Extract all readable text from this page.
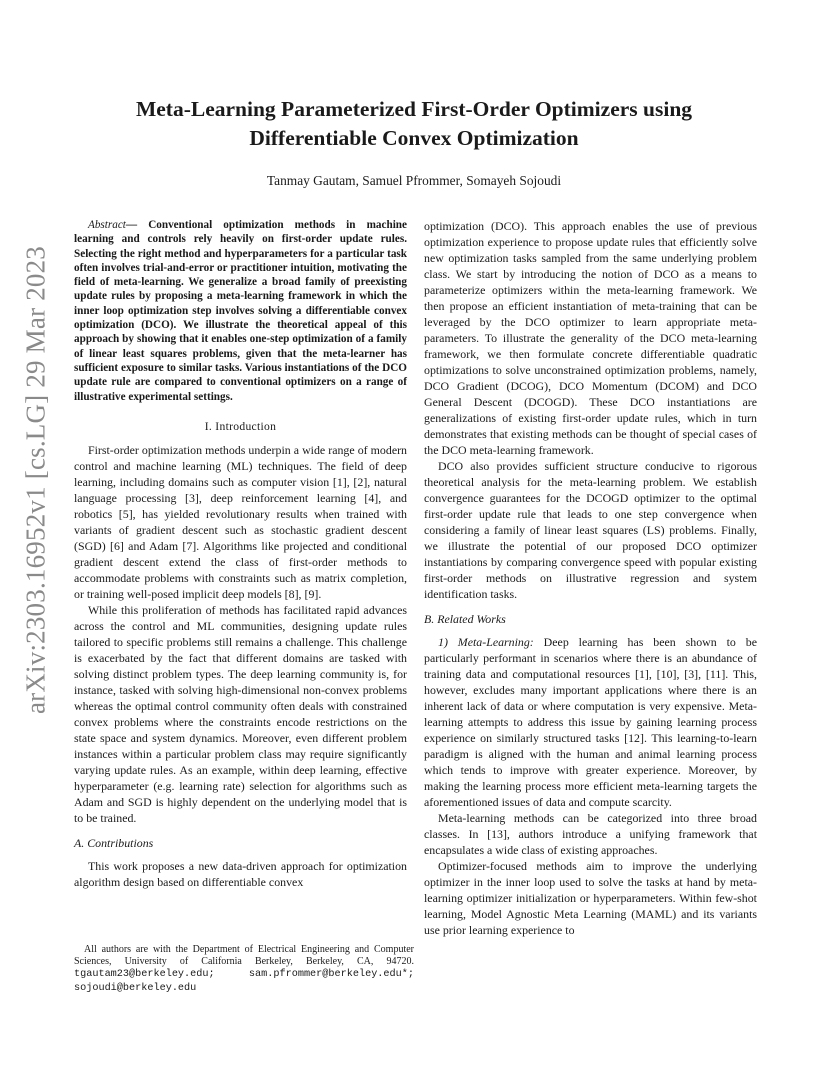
arXiv:2303.16952v1 [cs.LG] 29 Mar 2023
Meta-Learning Parameterized First-Order Optimizers using
Differentiable Convex Optimization
Tanmay Gautam, Samuel Pfrommer, Somayeh Sojoudi

Abstract— Conventional optimization methods in machine learning and controls rely heavily on first-order update rules. Selecting the right method and hyperparameters for a particular task often involves trial-and-error or practitioner intuition, motivating the field of meta-learning. We generalize a broad family of preexisting update rules by proposing a meta-learning framework in which the inner loop optimization step involves solving a differentiable convex optimization (DCO). We illustrate the theoretical appeal of this approach by showing that it enables one-step optimization of a family of linear least squares problems, given that the meta-learner has sufficient exposure to similar tasks. Various instantiations of the DCO update rule are compared to conventional optimizers on a range of illustrative experimental settings.

I. Introduction

First-order optimization methods underpin a wide range of modern control and machine learning (ML) techniques. The field of deep learning, including domains such as computer vision [1], [2], natural language processing [3], deep reinforcement learning [4], and robotics [5], has yielded revolutionary results when trained with variants of gradient descent such as stochastic gradient descent (SGD) [6] and Adam [7]. Algorithms like projected and conditional gradient descent extend the class of first-order methods to accommodate problems with constraints such as matrix completion, or training well-posed implicit deep models [8], [9].

While this proliferation of methods has facilitated rapid advances across the control and ML communities, designing update rules tailored to specific problems still remains a challenge. This challenge is exacerbated by the fact that different domains are tasked with solving distinct problem types. The deep learning community is, for instance, tasked with solving high-dimensional non-convex problems whereas the optimal control community often deals with constrained convex problems where the constraints encode restrictions on the state space and system dynamics. Moreover, even different problem instances within a particular problem class may require significantly varying update rules. As an example, within deep learning, effective hyperparameter (e.g. learning rate) selection for algorithms such as Adam and SGD is highly dependent on the underlying model that is to be trained.

A. Contributions

This work proposes a new data-driven approach for optimization algorithm design based on differentiable convex

All authors are with the Department of Electrical Engineering and Computer Sciences, University of California Berkeley, Berkeley, CA, 94720. tgautam23@berkeley.edu; sam.pfrommer@berkeley.edu*; sojoudi@berkeley.edu

optimization (DCO). This approach enables the use of previous optimization experience to propose update rules that efficiently solve new optimization tasks sampled from the same underlying problem class. We start by introducing the notion of DCO as a means to parameterize optimizers within the meta-learning framework. We then propose an efficient instantiation of meta-training that can be leveraged by the DCO optimizer to learn appropriate meta-parameters. To illustrate the generality of the DCO meta-learning framework, we then formulate concrete differentiable quadratic optimizations to solve unconstrained optimization problems, namely, DCO Gradient (DCOG), DCO Momentum (DCOM) and DCO General Descent (DCOGD). These DCO instantiations are generalizations of existing first-order update rules, which in turn demonstrates that existing methods can be thought of special cases of the DCO meta-learning framework.

DCO also provides sufficient structure conducive to rigorous theoretical analysis for the meta-learning problem. We establish convergence guarantees for the DCOGD optimizer to the optimal first-order update rule that leads to one step convergence when considering a family of linear least squares (LS) problems. Finally, we illustrate the potential of our proposed DCO optimizer instantiations by comparing convergence speed with popular existing first-order methods on illustrative regression and system identification tasks.

B. Related Works

1) Meta-Learning: Deep learning has been shown to be particularly performant in scenarios where there is an abundance of training data and computational resources [1], [10], [3], [11]. This, however, excludes many important applications where there is an inherent lack of data or where computation is very expensive. Meta-learning attempts to address this issue by gaining learning process experience on similarly structured tasks [12]. This learning-to-learn paradigm is aligned with the human and animal learning process which tends to improve with greater experience. Moreover, by making the learning process more efficient meta-learning targets the aforementioned issues of data and compute scarcity.

Meta-learning methods can be categorized into three broad classes. In [13], authors introduce a unifying framework that encapsulates a wide class of existing approaches.

Optimizer-focused methods aim to improve the underlying optimizer in the inner loop used to solve the tasks at hand by meta-learning optimizer initialization or hyperparameters. Within few-shot learning, Model Agnostic Meta Learning (MAML) and its variants use prior learning experience to
